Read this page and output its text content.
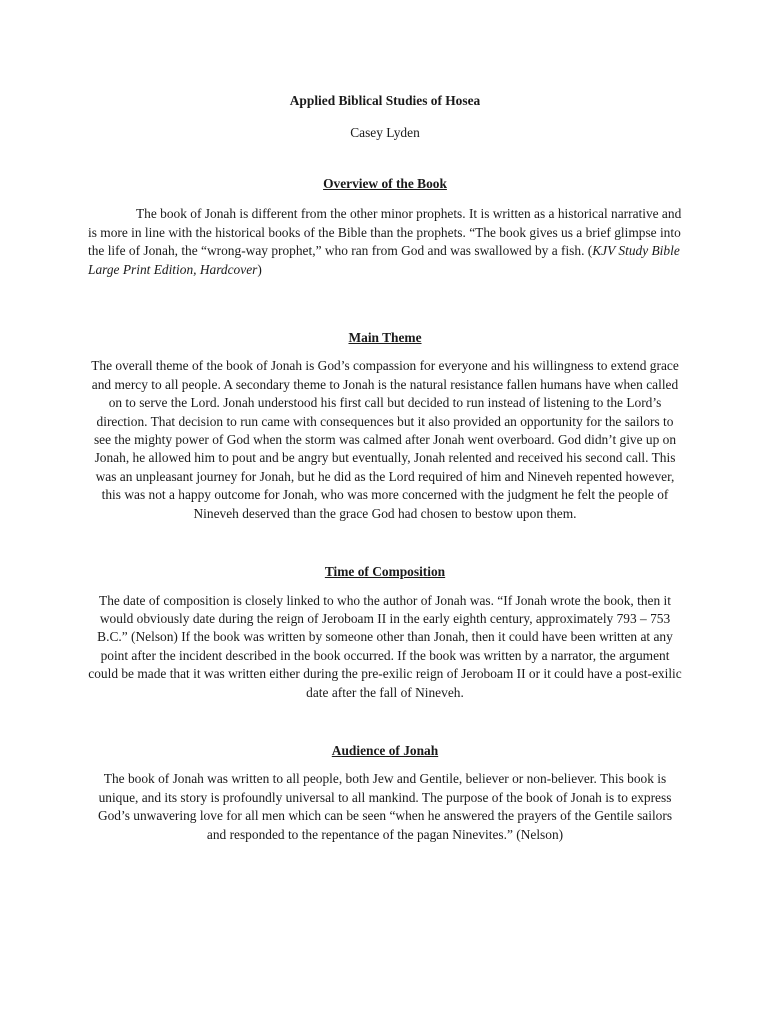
Applied Biblical Studies of Hosea

Casey Lyden

Overview of the Book

The book of Jonah is different from the other minor prophets. It is written as a historical narrative and is more in line with the historical books of the Bible than the prophets. “The book gives us a brief glimpse into the life of Jonah, the “wrong-way prophet,” who ran from God and was swallowed by a fish. (KJV Study Bible Large Print Edition, Hardcover)

Main Theme

The overall theme of the book of Jonah is God’s compassion for everyone and his willingness to extend grace and mercy to all people. A secondary theme to Jonah is the natural resistance fallen humans have when called on to serve the Lord. Jonah understood his first call but decided to run instead of listening to the Lord’s direction. That decision to run came with consequences but it also provided an opportunity for the sailors to see the mighty power of God when the storm was calmed after Jonah went overboard. God didn’t give up on Jonah, he allowed him to pout and be angry but eventually, Jonah relented and received his second call. This was an unpleasant journey for Jonah, but he did as the Lord required of him and Nineveh repented however, this was not a happy outcome for Jonah, who was more concerned with the judgment he felt the people of Nineveh deserved than the grace God had chosen to bestow upon them.

Time of Composition

The date of composition is closely linked to who the author of Jonah was. “If Jonah wrote the book, then it would obviously date during the reign of Jeroboam II in the early eighth century, approximately 793 – 753 B.C.” (Nelson) If the book was written by someone other than Jonah, then it could have been written at any point after the incident described in the book occurred. If the book was written by a narrator, the argument could be made that it was written either during the pre-exilic reign of Jeroboam II or it could have a post-exilic date after the fall of Nineveh.

Audience of Jonah

The book of Jonah was written to all people, both Jew and Gentile, believer or non-believer. This book is unique, and its story is profoundly universal to all mankind. The purpose of the book of Jonah is to express God’s unwavering love for all men which can be seen “when he answered the prayers of the Gentile sailors and responded to the repentance of the pagan Ninevites.” (Nelson)
